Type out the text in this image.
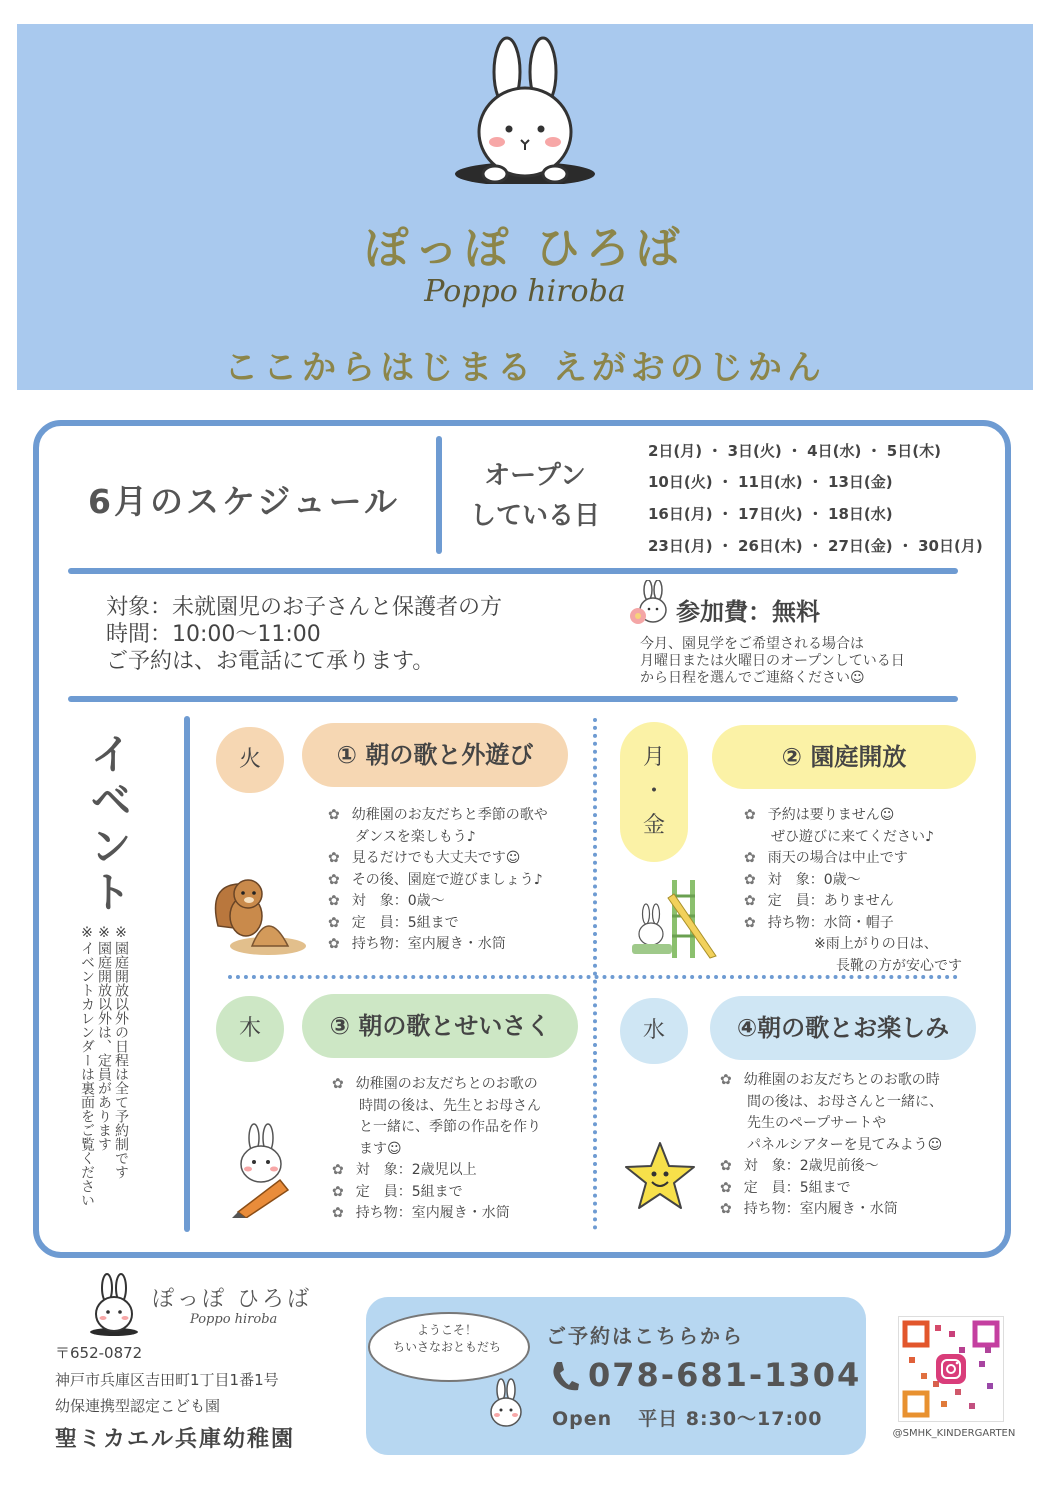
ぽっぽ ひろば
Poppo hiroba
ここからはじまる えがおのじかん
6月のスケジュール
オープン
している日
2日(月) ・ 3日(火) ・ 4日(水) ・ 5日(木)
10日(火) ・ 11日(水) ・ 13日(金)
16日(月) ・ 17日(火) ・ 18日(水)
23日(月) ・ 26日(木) ・ 27日(金) ・ 30日(月)
対象：未就園児のお子さんと保護者の方
時間：10:00～11:00
ご予約は、お電話にて承ります。
参加費：無料
今月、園見学をご希望される場合は
月曜日または火曜日のオープンしている日
から日程を選んでご連絡ください☺
イベント
※園庭開放以外の日程は全て予約制です
※園庭開放以外は、定員があります
※イベントカレンダーは裏面をご覧ください
火	① 朝の歌と外遊び
✿ 幼稚園のお友だちと季節の歌や
ダンスを楽しもう♪
✿ 見るだけでも大丈夫です☺
✿ その後、園庭で遊びましょう♪
✿ 対　象：0歳～
✿ 定　員：5組まで
✿ 持ち物：室内履き・水筒
月
・
金
② 園庭開放
✿ 予約は要りません☺
ぜひ遊びに来てください♪
✿ 雨天の場合は中止です
✿ 対　象：0歳～
✿ 定　員：ありません
✿ 持ち物：水筒・帽子
※雨上がりの日は、
長靴の方が安心です
木	③ 朝の歌とせいさく
✿ 幼稚園のお友だちとのお歌の
時間の後は、先生とお母さん
と一緒に、季節の作品を作り
ます☺
✿ 対　象：2歳児以上
✿ 定　員：5組まで
✿ 持ち物：室内履き・水筒
水	④朝の歌とお楽しみ
✿ 幼稚園のお友だちとのお歌の時
間の後は、お母さんと一緒に、
先生のペープサートや
パネルシアターを見てみよう☺
✿ 対　象：2歳児前後～
✿ 定　員：5組まで
✿ 持ち物：室内履き・水筒
ぽっぽ ひろば
Poppo hiroba
〒652-0872
神戸市兵庫区吉田町1丁目1番1号
幼保連携型認定こども園
聖ミカエル兵庫幼稚園
ようこそ！
ちいさなおともだち	ご予約はこちらから
078-681-1304
Open 平日 8:30～17:00
@SMHK_KINDERGARTEN
